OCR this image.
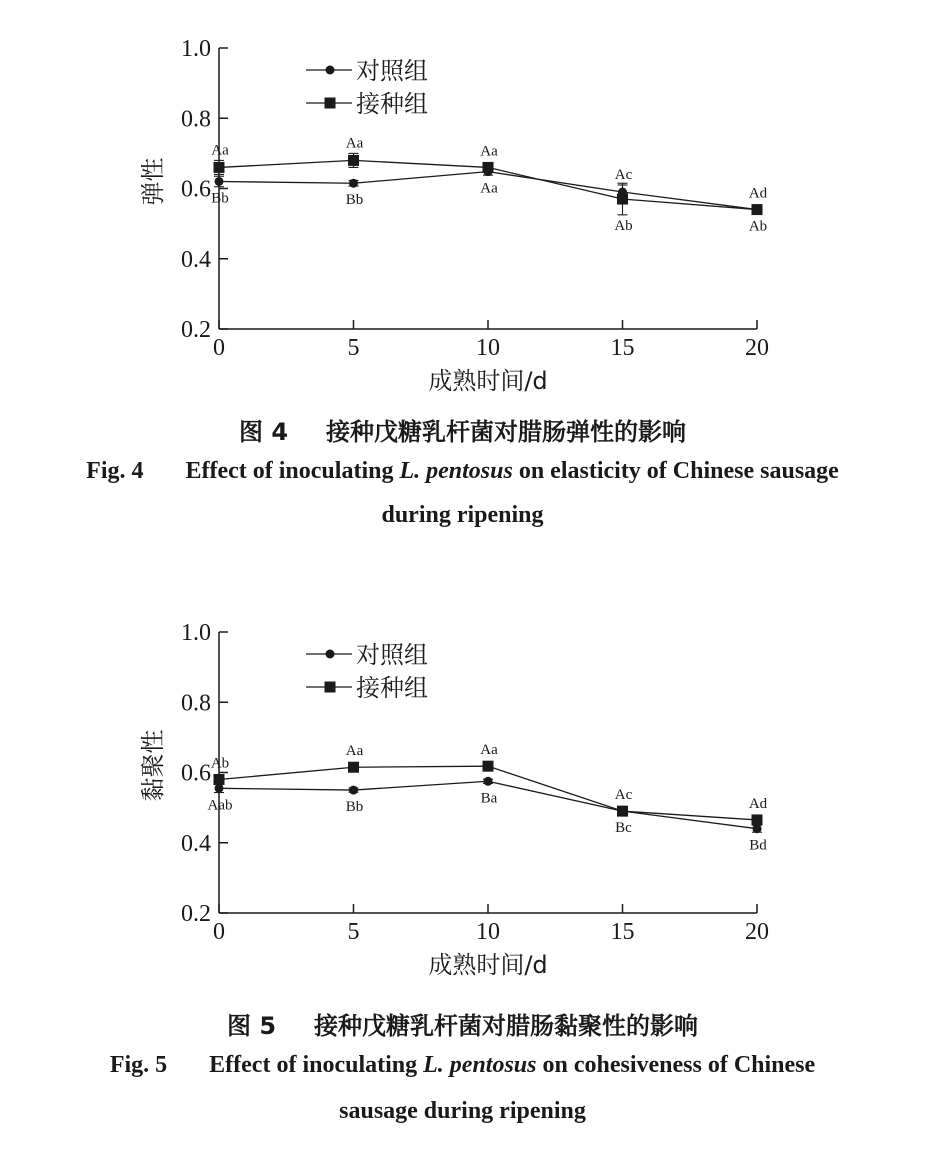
0.2
0.4
0.6
0.8
1.0
0	5	10	15	20
成熟时间/d
弹性	Bb	Bb
Aa
Ac
Ad
对照组
Aa	Aa
Aa
Ab	Ab
接种组
图 4 接种戊糖乳杆菌对腊肠弹性的影响
Fig. 4 Effect of inoculating L. pentosus on elasticity of Chinese sausage
during ripening
0.2
0.4
0.6
0.8
1.0
0	5	10	15	20
成熟时间/d
黏聚性
Aab	Bb
Ba
Bc
Bd
对照组
Ab
Aa	Aa
Ac
Ad
接种组
图 5 接种戊糖乳杆菌对腊肠黏聚性的影响
Fig. 5 Effect of inoculating L. pentosus on cohesiveness of Chinese
sausage during ripening
